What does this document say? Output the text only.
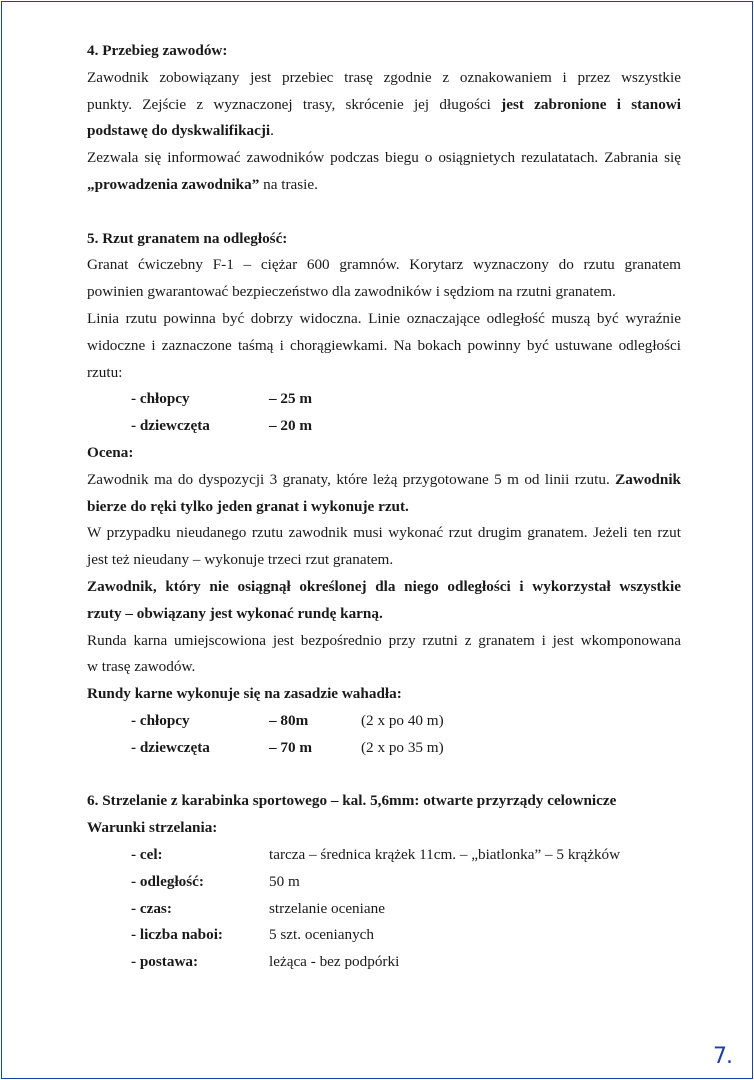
4. Przebieg zawodów:

Zawodnik zobowiązany jest przebiec trasę zgodnie z oznakowaniem i przez wszystkie

punkty. Zejście z wyznaczonej trasy, skrócenie jej długości jest zabronione i stanowi

podstawę do dyskwalifikacji.

Zezwala się informować zawodników podczas biegu o osiągnietych rezulatatach. Zabrania się

„prowadzenia zawodnika” na trasie.

5. Rzut granatem na odległość:

Granat ćwiczebny F-1 – ciężar 600 gramnów. Korytarz wyznaczony do rzutu granatem

powinien gwarantować bezpieczeństwo dla zawodników i sędziom na rzutni granatem.

Linia rzutu powinna być dobrzy widoczna. Linie oznaczające odległość muszą być wyraźnie

widoczne i zaznaczone taśmą i chorągiewkami. Na bokach powinny być ustuwane odległości

rzutu:

- chłopcy	– 25 m
- dziewczęta	– 20 m

Ocena:

Zawodnik ma do dyspozycji 3 granaty, które leżą przygotowane 5 m od linii rzutu. Zawodnik

bierze do ręki tylko jeden granat i wykonuje rzut.

W przypadku nieudanego rzutu zawodnik musi wykonać rzut drugim granatem. Jeżeli ten rzut

jest też nieudany – wykonuje trzeci rzut granatem.

Zawodnik, który nie osiągnął określonej dla niego odległości i wykorzystał wszystkie

rzuty – obwiązany jest wykonać rundę karną.

Runda karna umiejscowiona jest bezpośrednio przy rzutni z granatem i jest wkomponowana

w trasę zawodów.

Rundy karne wykonuje się na zasadzie wahadła:

- chłopcy	– 80m	(2 x po 40 m)
- dziewczęta	– 70 m	(2 x po 35 m)

6. Strzelanie z karabinka sportowego – kal. 5,6mm: otwarte przyrządy celownicze

Warunki strzelania:

- cel:	tarcza – średnica krążek 11cm. – „biatlonka” – 5 krążków
- odległość:	50 m
- czas:	strzelanie oceniane
- liczba naboi:	5 szt. ocenianych
- postawa:	leżąca - bez podpórki
7.
